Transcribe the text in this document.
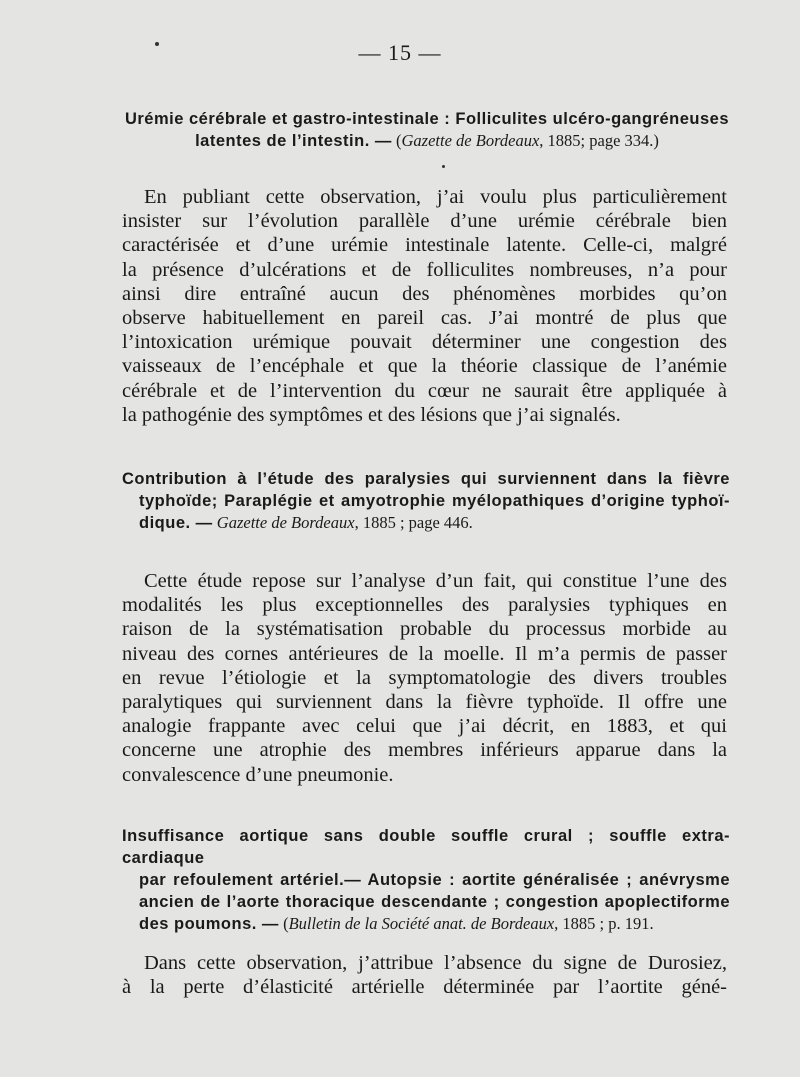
— 15 —
Urémie cérébrale et gastro-intestinale : Folliculites ulcéro-gangréneuses
latentes de l’intestin. — (Gazette de Bordeaux, 1885; page 334.)
En publiant cette observation, j’ai voulu plus particulièrement
insister sur l’évolution parallèle d’une urémie cérébrale bien
caractérisée et d’une urémie intestinale latente. Celle-ci, malgré
la présence d’ulcérations et de folliculites nombreuses, n’a pour
ainsi dire entraîné aucun des phénomènes morbides qu’on
observe habituellement en pareil cas. J’ai montré de plus que
l’intoxication urémique pouvait déterminer une congestion des
vaisseaux de l’encéphale et que la théorie classique de l’anémie
cérébrale et de l’intervention du cœur ne saurait être appliquée à
la pathogénie des symptômes et des lésions que j’ai signalés.
Contribution à l’étude des paralysies qui surviennent dans la fièvre
typhoïde; Paraplégie et amyotrophie myélopathiques d’origine typhoï-
dique. — Gazette de Bordeaux, 1885 ; page 446.
Cette étude repose sur l’analyse d’un fait, qui constitue l’une des
modalités les plus exceptionnelles des paralysies typhiques en
raison de la systématisation probable du processus morbide au
niveau des cornes antérieures de la moelle. Il m’a permis de passer
en revue l’étiologie et la symptomatologie des divers troubles
paralytiques qui surviennent dans la fièvre typhoïde. Il offre une
analogie frappante avec celui que j’ai décrit, en 1883, et qui
concerne une atrophie des membres inférieurs apparue dans la
convalescence d’une pneumonie.
Insuffisance aortique sans double souffle crural ; souffle extra-cardiaque
par refoulement artériel.— Autopsie : aortite généralisée ; anévrysme
ancien de l’aorte thoracique descendante ; congestion apoplectiforme
des poumons. — (Bulletin de la Société anat. de Bordeaux, 1885 ; p. 191.
Dans cette observation, j’attribue l’absence du signe de Durosiez,
à la perte d’élasticité artérielle déterminée par l’aortite géné-
